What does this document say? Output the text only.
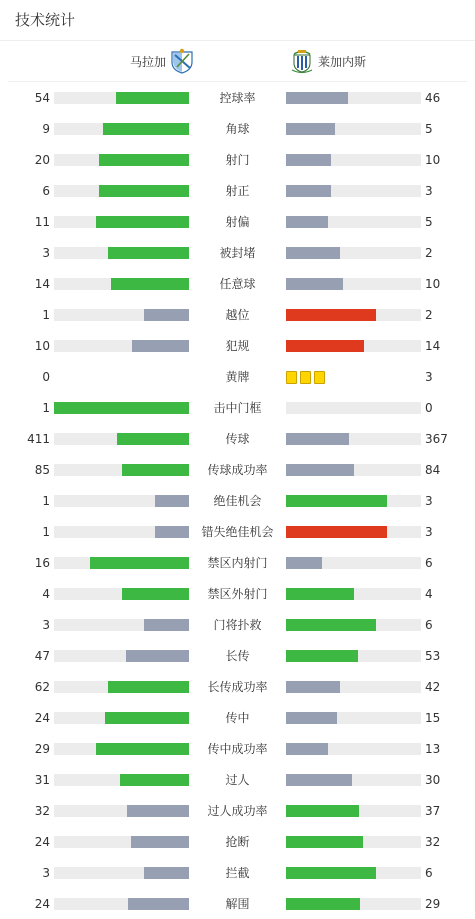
技术统计
马拉加	莱加内斯
54	控球率	46
9	角球	5
20	射门	10
6	射正	3
11	射偏	5
3	被封堵	2
14	任意球	10
1	越位	2
10	犯规	14
0	黄牌	3
1	击中门框	0
411	传球	367
85	传球成功率	84
1	绝佳机会	3
1	错失绝佳机会	3
16	禁区内射门	6
4	禁区外射门	4
3	门将扑救	6
47	长传	53
62	长传成功率	42
24	传中	15
29	传中成功率	13
31	过人	30
32	过人成功率	37
24	抢断	32
3	拦截	6
24	解围	29
